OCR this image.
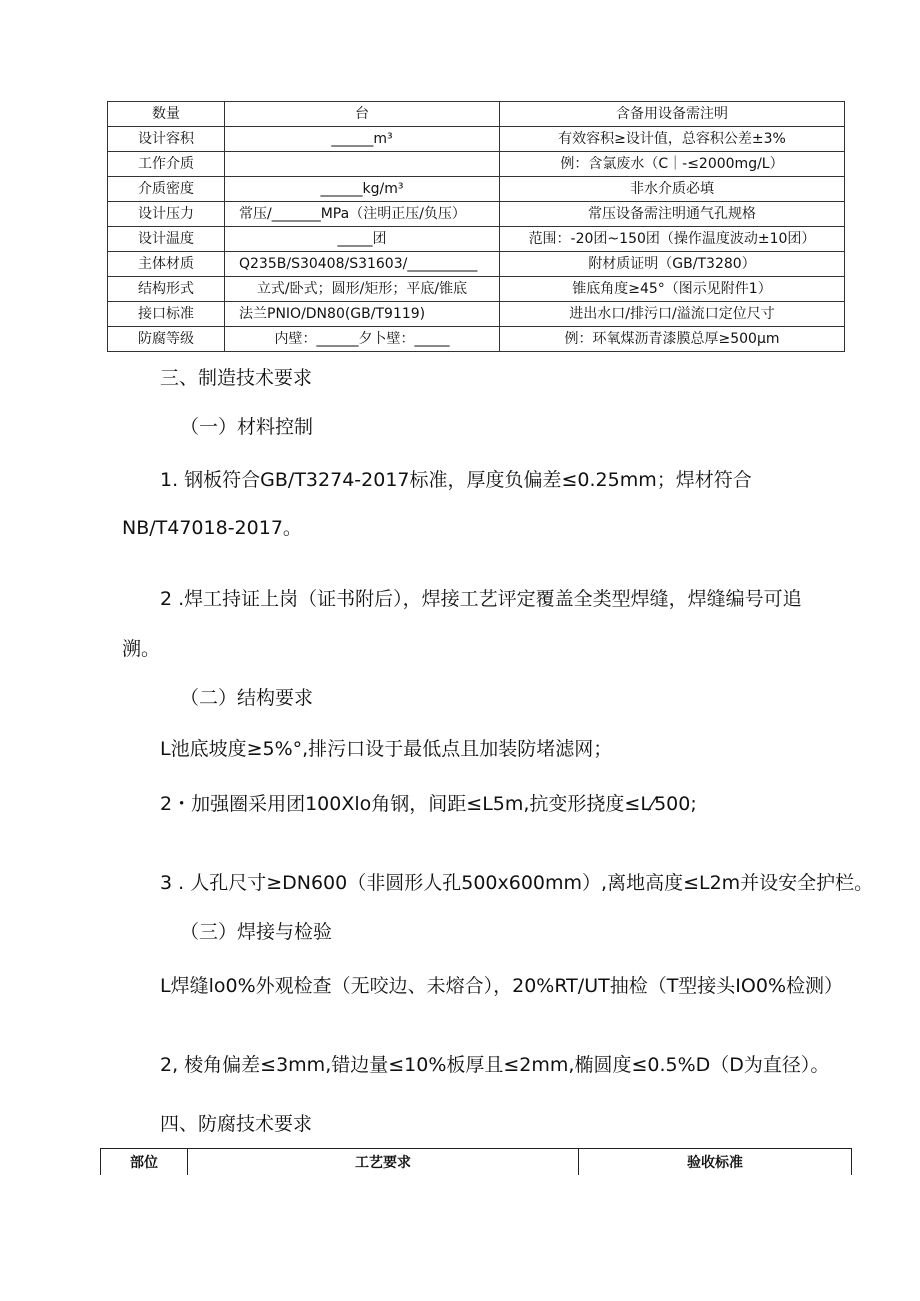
数量	台	含备用设备需注明
设计容积	______m³	有效容积≥设计值，总容积公差±3%
工作介质		例：含氯废水（C｜-≤2000mg/L）
介质密度	______kg/m³	非水介质必填
设计压力	常压/_______MPa（注明正压/负压）	常压设备需注明通气孔规格
设计温度	_____团	范围：-20团~150团（操作温度波动±10团）
主体材质	Q235B/S30408/S31603/__________	附材质证明（GB/T3280）
结构形式	立式/卧式；圆形/矩形；平底/锥底	锥底角度≥45°（图示见附件1）
接口标准	法兰PNIO/DN80(GB/T9119)	进出水口/排污口/溢流口定位尺寸
防腐等级	内壁：______夕卜壁：_____	例：环氧煤沥青漆膜总厚≥500μm

三、制造技术要求

（一）材料控制

1. 钢板符合GB/T3274-2017标准，厚度负偏差≤0.25mm；焊材符合

NB/T47018-2017。

2 .焊工持证上岗（证书附后），焊接工艺评定覆盖全类型焊缝，焊缝编号可追

溯。

（二）结构要求

L池底坡度≥5%°,排污口设于最低点且加装防堵滤网；

2・加强圈采用团100Xlo角钢，间距≤L5m,抗变形挠度≤L⁄500;

3 . 人孔尺寸≥DN600（非圆形人孔500x600mm）,离地高度≤L2m并设安全护栏。

（三）焊接与检验

L焊缝lo0%外观检查（无咬边、未熔合），20%RT/UT抽检（T型接头IO0%检测）

2, 棱角偏差≤3mm,错边量≤10%板厚且≤2mm,椭圆度≤0.5%D（D为直径）。

四、防腐技术要求

部位	工艺要求	验收标准
